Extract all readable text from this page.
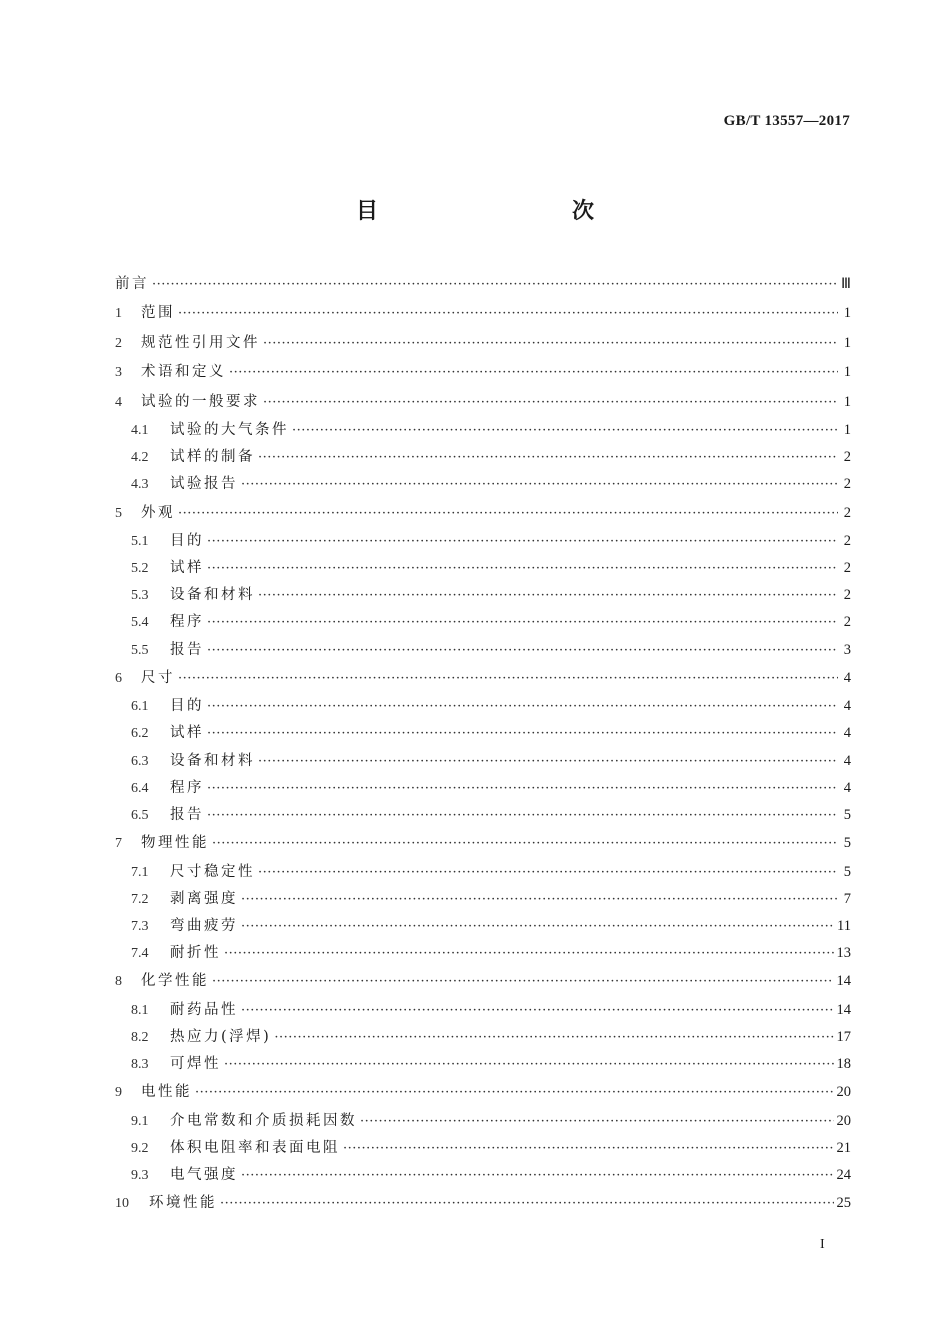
GB/T 13557—2017
目　　次
前言 ·····	Ⅲ
1	范围 ·····	1
2	规范性引用文件 ·····	1
3	术语和定义 ·····	1
4	试验的一般要求 ·····	1
4.1	试验的大气条件 ·····	1
4.2	试样的制备 ·····	2
4.3	试验报告 ·····	2
5	外观 ·····	2
5.1	目的 ·····	2
5.2	试样 ·····	2
5.3	设备和材料 ·····	2
5.4	程序 ·····	2
5.5	报告 ·····	3
6	尺寸 ·····	4
6.1	目的 ·····	4
6.2	试样 ·····	4
6.3	设备和材料 ·····	4
6.4	程序 ·····	4
6.5	报告 ·····	5
7	物理性能 ·····	5
7.1	尺寸稳定性 ·····	5
7.2	剥离强度 ·····	7
7.3	弯曲疲劳 ·····	11
7.4	耐折性 ·····	13
8	化学性能 ·····	14
8.1	耐药品性 ·····	14
8.2	热应力(浮焊) ·····	17
8.3	可焊性 ·····	18
9	电性能 ·····	20
9.1	介电常数和介质损耗因数 ·····	20
9.2	体积电阻率和表面电阻 ·····	21
9.3	电气强度 ·····	24
10	环境性能 ·····	25
I
